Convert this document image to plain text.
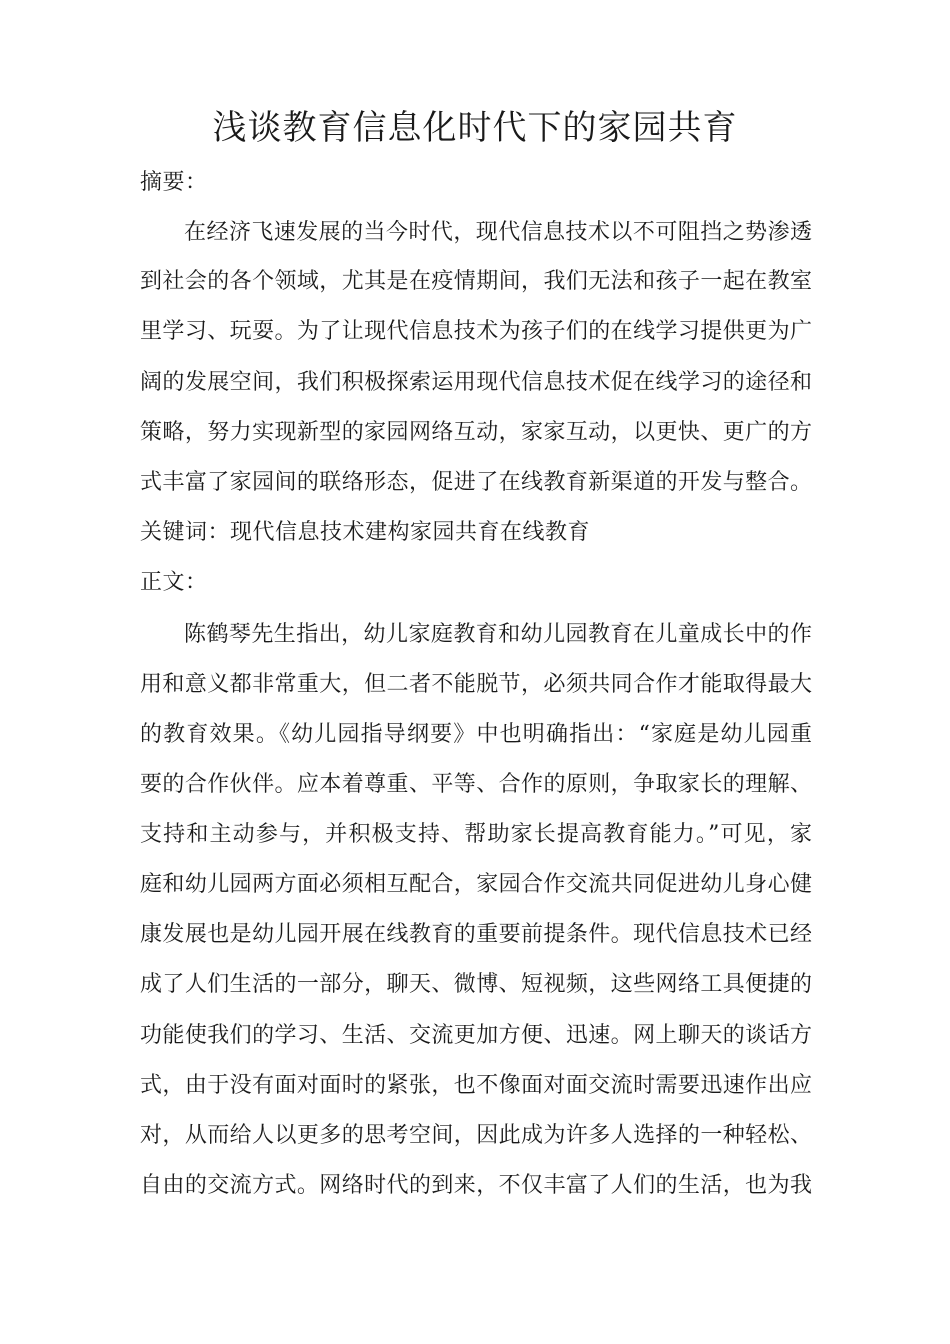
浅谈教育信息化时代下的家园共育
摘要：
在经济飞速发展的当今时代，现代信息技术以不可阻挡之势渗透
到社会的各个领域，尤其是在疫情期间，我们无法和孩子一起在教室
里学习、玩耍。为了让现代信息技术为孩子们的在线学习提供更为广
阔的发展空间，我们积极探索运用现代信息技术促在线学习的途径和
策略，努力实现新型的家园网络互动，家家互动，以更快、更广的方
式丰富了家园间的联络形态，促进了在线教育新渠道的开发与整合。
关键词：现代信息技术建构家园共育在线教育
正文：
陈鹤琴先生指出，幼儿家庭教育和幼儿园教育在儿童成长中的作
用和意义都非常重大，但二者不能脱节，必须共同合作才能取得最大
的教育效果。《幼儿园指导纲要》中也明确指出：“家庭是幼儿园重
要的合作伙伴。应本着尊重、平等、合作的原则，争取家长的理解、
支持和主动参与，并积极支持、帮助家长提高教育能力。”可见，家
庭和幼儿园两方面必须相互配合，家园合作交流共同促进幼儿身心健
康发展也是幼儿园开展在线教育的重要前提条件。现代信息技术已经
成了人们生活的一部分，聊天、微博、短视频，这些网络工具便捷的
功能使我们的学习、生活、交流更加方便、迅速。网上聊天的谈话方
式，由于没有面对面时的紧张，也不像面对面交流时需要迅速作出应
对，从而给人以更多的思考空间，因此成为许多人选择的一种轻松、
自由的交流方式。网络时代的到来，不仅丰富了人们的生活，也为我
